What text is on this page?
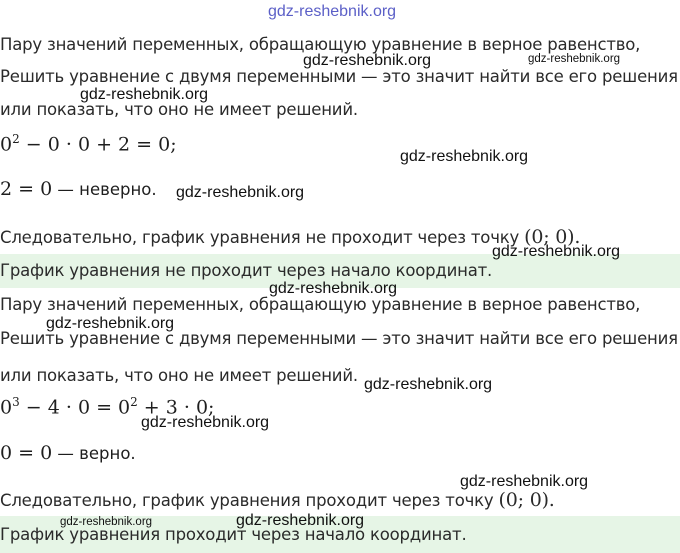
gdz-reshebnik.org
Пару значений переменных, обращающую уравнение в верное равенство,
Решить уравнение с двумя переменными — это значит найти все его решения
или показать, что оно не имеет решений.
$0^2 - 0 \cdot 0 + 2 = 0$;
2 = 0 — неверно.
Следовательно, график уравнения не проходит через точку (0; 0).
График уравнения не проходит через начало координат.
Пару значений переменных, обращающую уравнение в верное равенство,
Решить уравнение с двумя переменными — это значит найти все его решения
или показать, что оно не имеет решений.
$0^3 - 4 \cdot 0 = 0^2 + 3 \cdot 0$;
0 = 0 — верно.
Следовательно, график уравнения проходит через точку (0; 0).
График уравнения проходит через начало координат.
gdz-reshebnik.org	gdz-reshebnik.org
gdz-reshebnik.org
gdz-reshebnik.org
gdz-reshebnik.org
gdz-reshebnik.org
gdz-reshebnik.org
gdz-reshebnik.org
gdz-reshebnik.org
gdz-reshebnik.org
gdz-reshebnik.org
gdz-reshebnik.org
gdz-reshebnik.org
